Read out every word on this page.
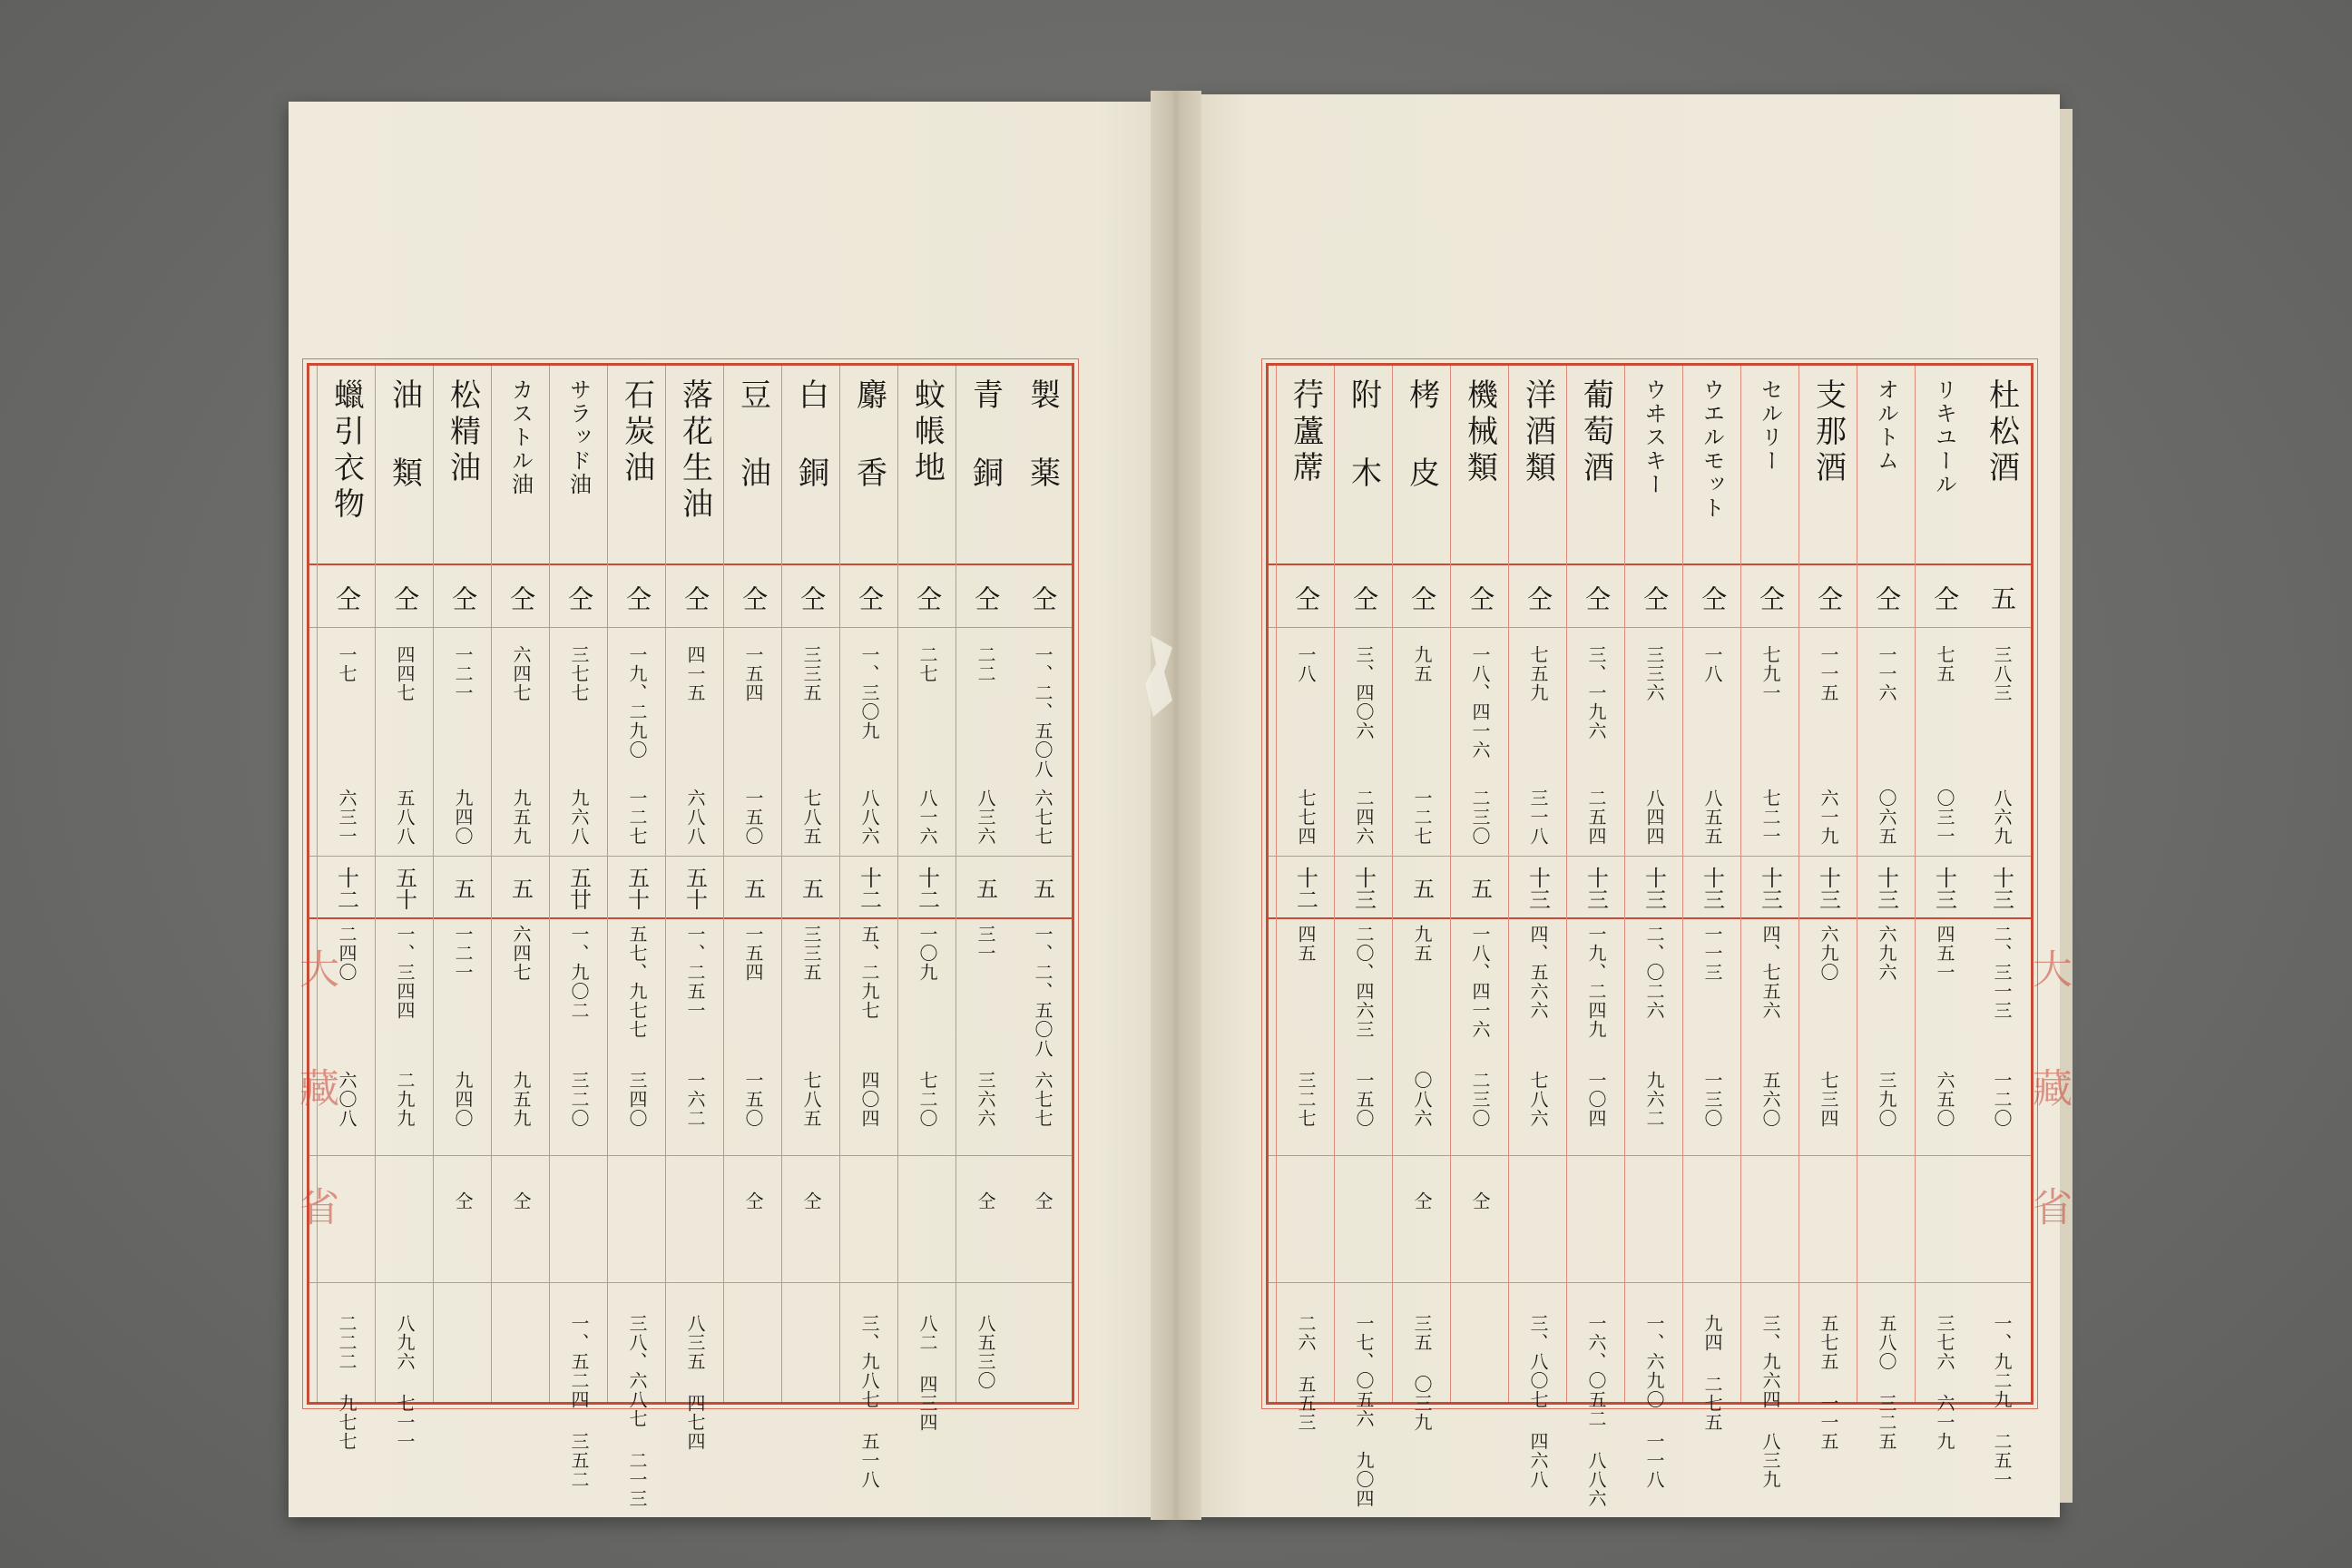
製 薬
仝
一、二、五〇八
六七七
五
一、二、五〇八
六七七
仝
青 銅
仝
二二
八三六
五
三一
三六六
仝
八五三〇
蚊帳地
仝
二七
八一六
十二
一〇九
七二〇
八二 四三四
麝 香
仝
一、三〇九
八八六
十二
五、二九七
四〇四
三、九八七 五一八
白 銅
仝
三三五
七八五
五
三三五
七八五
仝
豆 油
仝
一五四
一五〇
五
一五四
一五〇
仝
落花生油
仝
四一五
六八八
五十
一、二五一
一六二
八三五 四七四
石炭油
仝
一九、二九〇
一二七
五十
五七、九七七
三四〇
三八、六八七 二一三
サラッド油
仝
三七七
九六八
五廿
一、九〇二
三二〇
一、五二四 三五二
カストル油
仝
六四七
九五九
五
六四七
九五九
仝
松精油
仝
一二一
九四〇
五
一二一
九四〇
仝
油 類
仝
四四七
五八八
五十
一、三四四
二九九
八九六 七一一
蠟引衣物
仝
一七
六三一
十二
二四〇
六〇八
二二二 九七七
杜松酒
五
三八三
八六九
十三
二、三一三
一二〇
一、九二九 二五一
リキユール
仝
七五
〇三一
十三
四五一
六五〇
三七六 六一九
オルトム
仝
一一六
〇六五
十三
六九六
三九〇
五八〇 三二五
支那酒
仝
一一五
六一九
十三
六九〇
七三四
五七五 一一五
セルリー
仝
七九一
七二一
十三
四、七五六
五六〇
三、九六四 八三九
ウエルモット
仝
一八
八五五
十三
一一三
一三〇
九四 二七五
ウヰスキー
仝
三三六
八四四
十三
二、〇二六
九六二
一、六九〇 一一八
葡萄酒
仝
三、一九六
二五四
十三
一九、二四九
一〇四
一六、〇五二 八八六
洋酒類
仝
七五九
三一八
十三
四、五六六
七八六
三、八〇七 四六八
機械類
仝
一八、四一六
二三〇
五
一八、四一六
二三〇
仝
栲 皮
仝
九五
一二七
五
九五
〇八六
仝
三五 〇三九
附 木
仝
三、四〇六
二四六
十三
二〇、四六三
一五〇
一七、〇五六 九〇四
荇蘆蓆
仝
一八
七七四
十二
四五
三二七
二六 五五三
大 藏 省	大 藏 省
